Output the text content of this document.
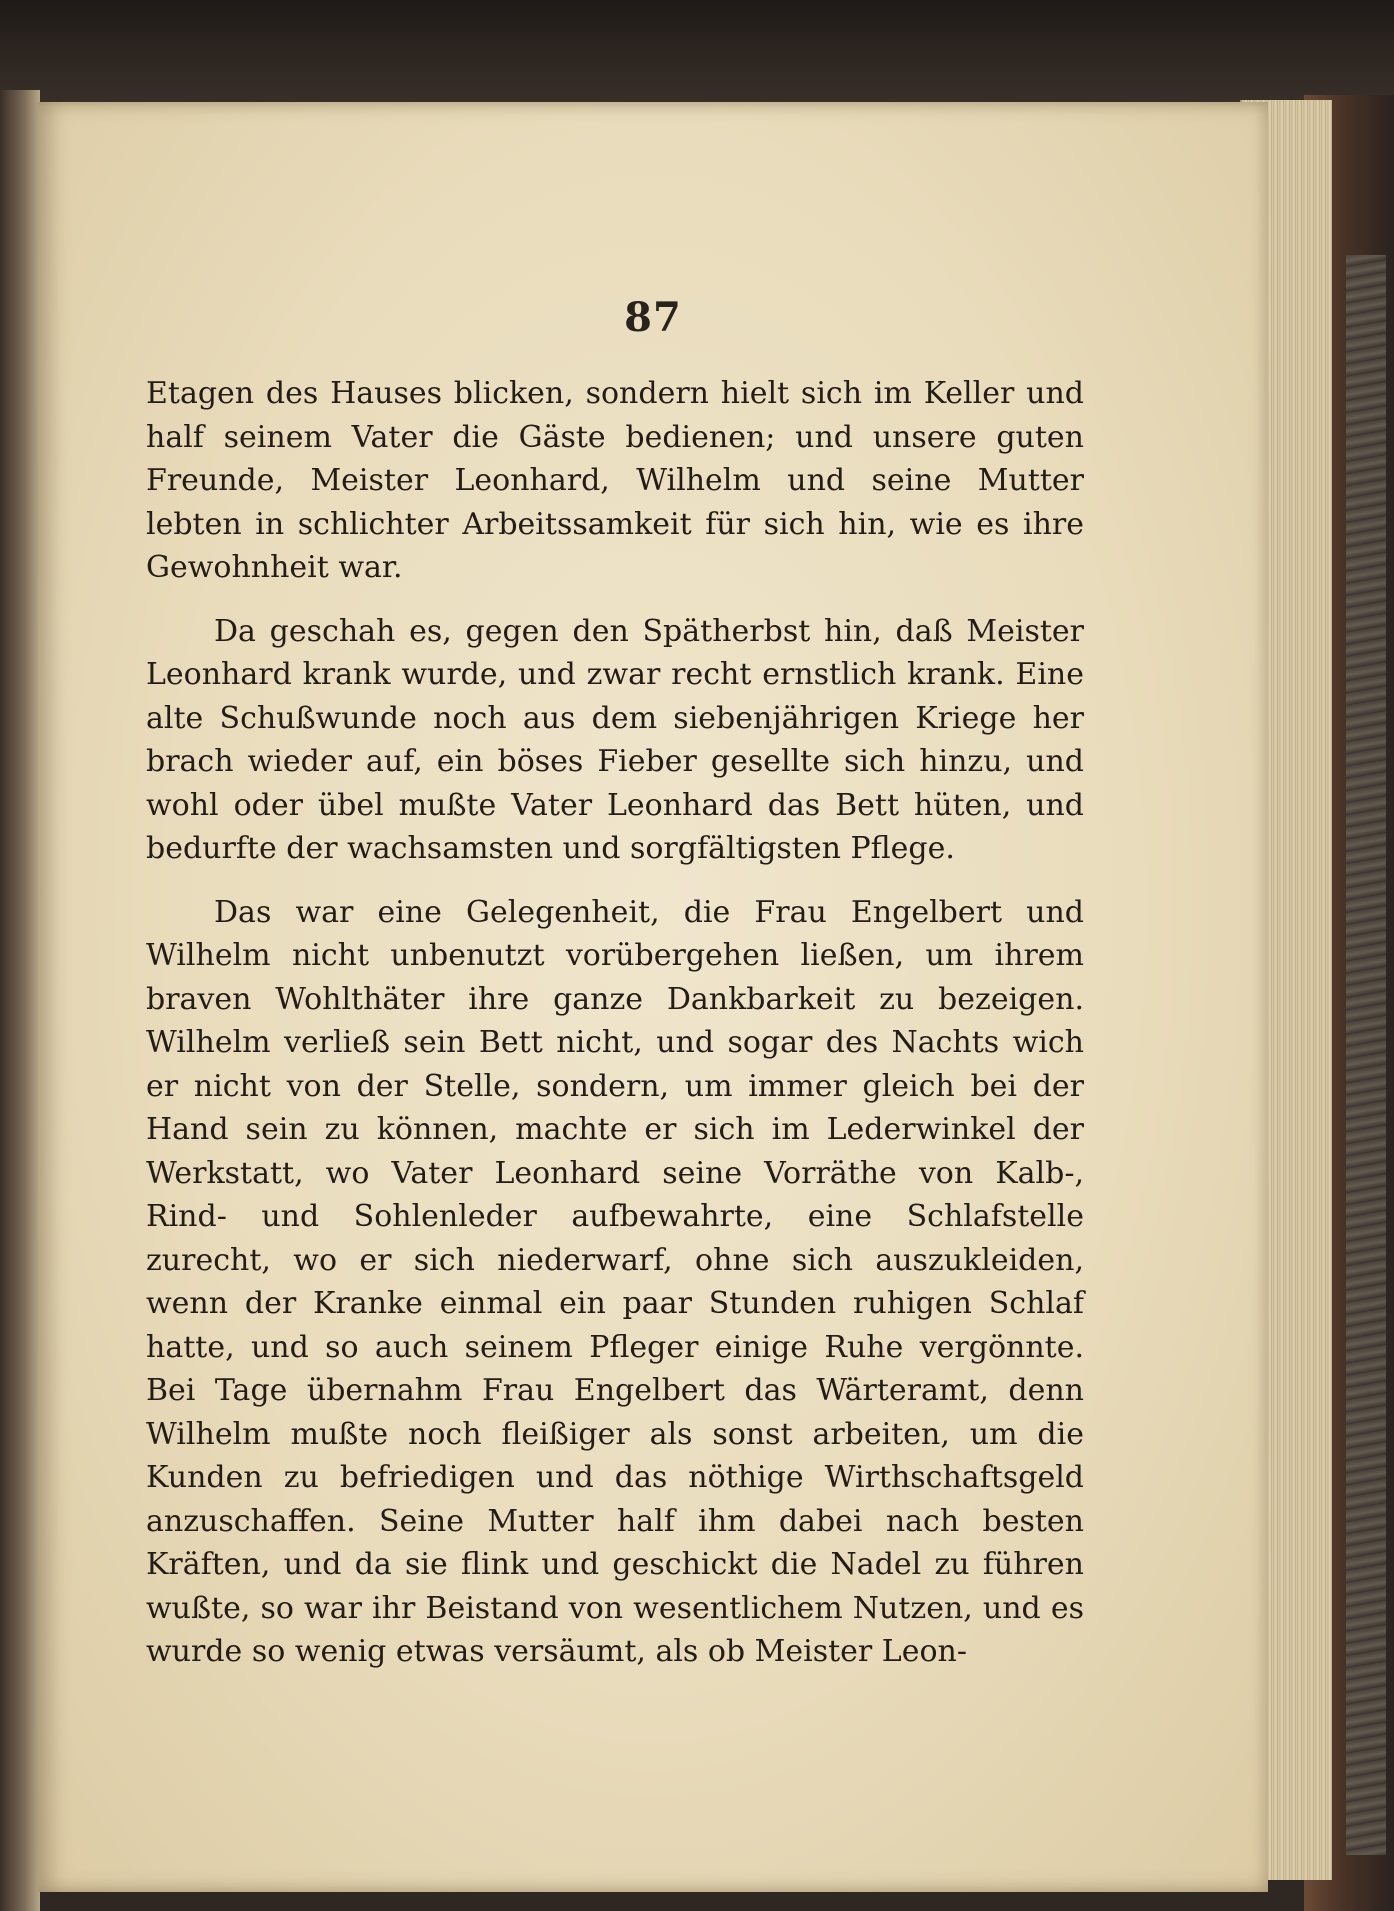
87

Etagen des Hauses blicken, sondern hielt sich im Keller und half seinem Vater die Gäste bedienen; und unsere guten Freunde, Meister Leonhard, Wilhelm und seine Mutter lebten in schlichter Arbeitssamkeit für sich hin, wie es ihre Gewohnheit war.

Da geschah es, gegen den Spätherbst hin, daß Meister Leonhard krank wurde, und zwar recht ernstlich krank. Eine alte Schußwunde noch aus dem siebenjährigen Kriege her brach wieder auf, ein böses Fieber gesellte sich hinzu, und wohl oder übel mußte Vater Leonhard das Bett hüten, und bedurfte der wachsamsten und sorgfältigsten Pflege.

Das war eine Gelegenheit, die Frau Engelbert und Wilhelm nicht unbenutzt vorübergehen ließen, um ihrem braven Wohlthäter ihre ganze Dankbarkeit zu bezeigen. Wilhelm verließ sein Bett nicht, und sogar des Nachts wich er nicht von der Stelle, sondern, um immer gleich bei der Hand sein zu können, machte er sich im Lederwinkel der Werkstatt, wo Vater Leonhard seine Vorräthe von Kalb-, Rind- und Sohlenleder aufbewahrte, eine Schlafstelle zurecht, wo er sich niederwarf, ohne sich auszukleiden, wenn der Kranke einmal ein paar Stunden ruhigen Schlaf hatte, und so auch seinem Pfleger einige Ruhe vergönnte. Bei Tage übernahm Frau Engelbert das Wärteramt, denn Wilhelm mußte noch fleißiger als sonst arbeiten, um die Kunden zu befriedigen und das nöthige Wirthschaftsgeld anzuschaffen. Seine Mutter half ihm dabei nach besten Kräften, und da sie flink und geschickt die Nadel zu führen wußte, so war ihr Beistand von wesentlichem Nutzen, und es wurde so wenig etwas versäumt, als ob Meister Leon-
